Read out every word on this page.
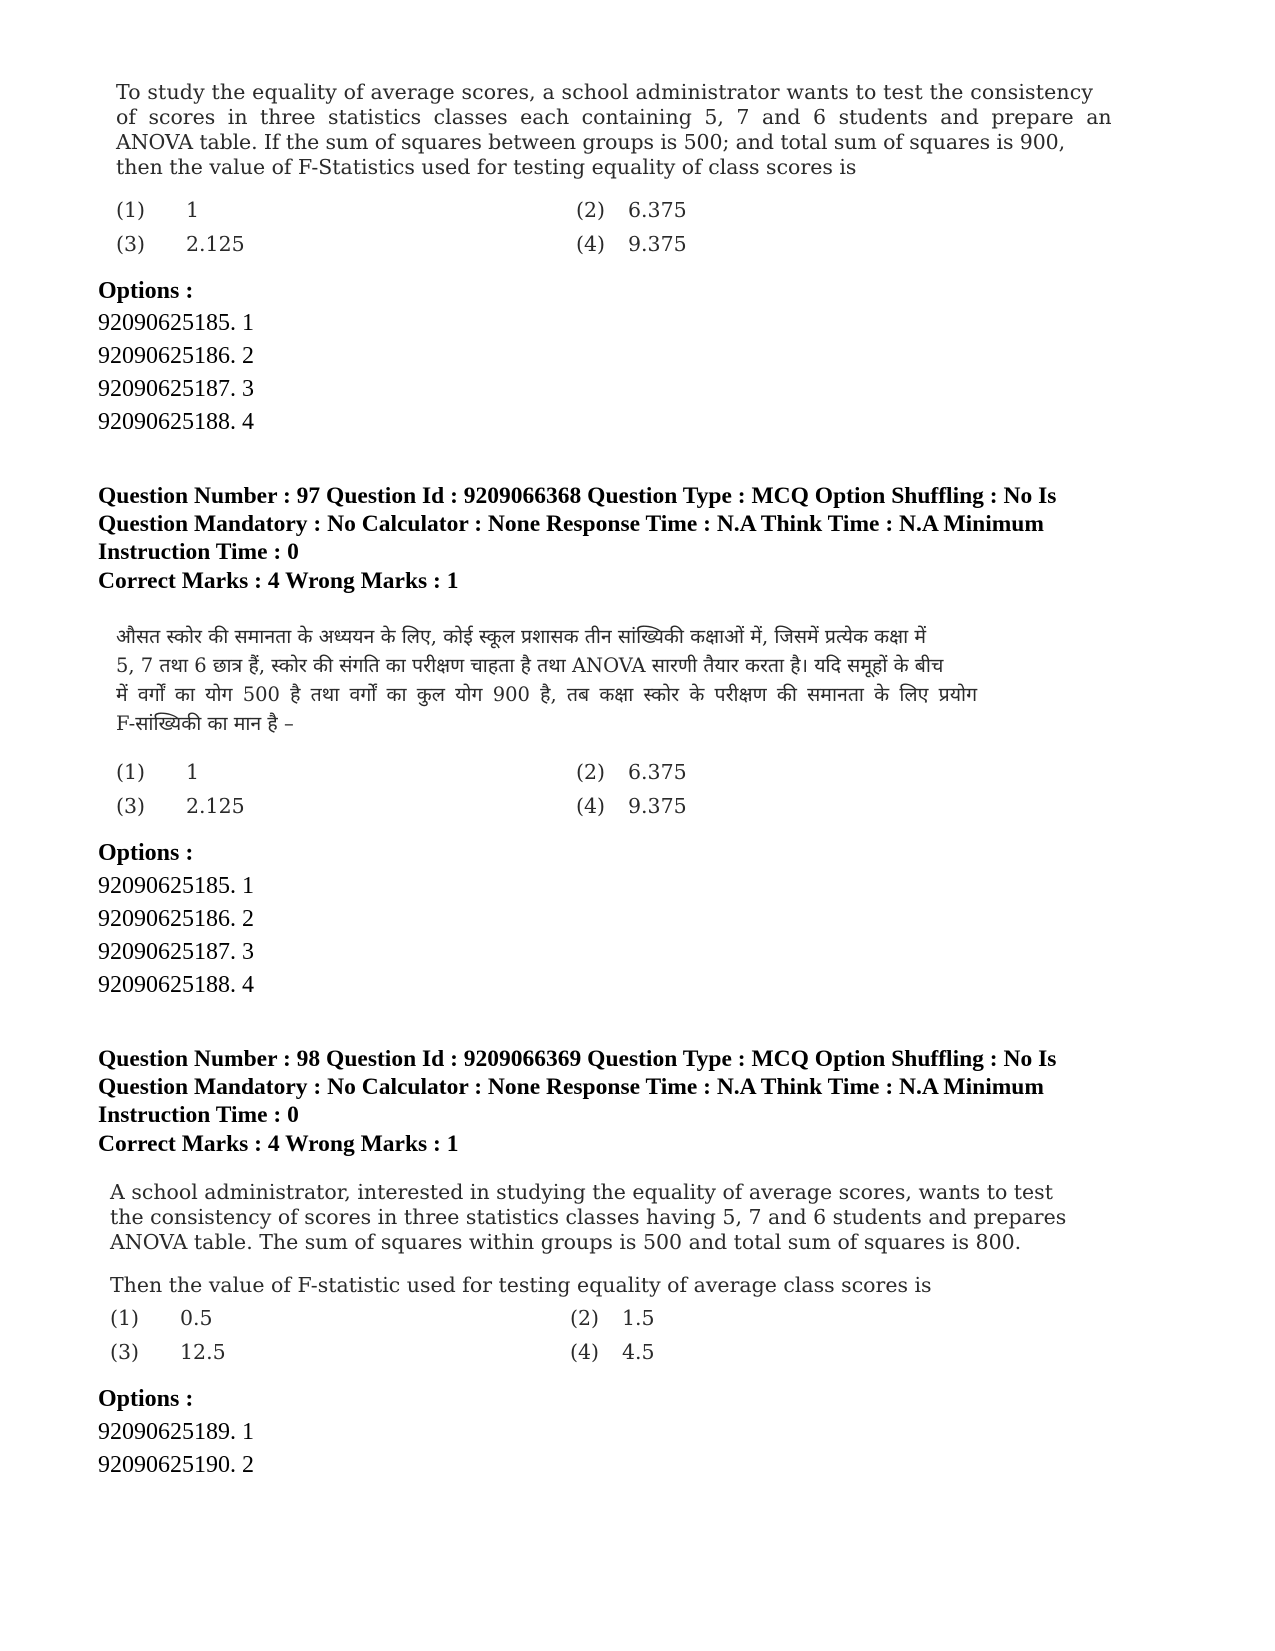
To study the equality of average scores, a school administrator wants to test the consistency
of scores in three statistics classes each containing 5, 7 and 6 students and prepare an
ANOVA table. If the sum of squares between groups is 500; and total sum of squares is 900,
then the value of F-Statistics used for testing equality of class scores is
(1) 1	(2) 6.375
(3) 2.125	(4) 9.375
Options :
92090625185. 1
92090625186. 2
92090625187. 3
92090625188. 4
Question Number : 97 Question Id : 9209066368 Question Type : MCQ Option Shuffling : No Is
Question Mandatory : No Calculator : None Response Time : N.A Think Time : N.A Minimum
Instruction Time : 0
Correct Marks : 4 Wrong Marks : 1
औसत स्कोर की समानता के अध्ययन के लिए, कोई स्कूल प्रशासक तीन सांख्यिकी कक्षाओं में, जिसमें प्रत्येक कक्षा में
5, 7 तथा 6 छात्र हैं, स्कोर की संगति का परीक्षण चाहता है तथा ANOVA सारणी तैयार करता है। यदि समूहों के बीच
में वर्गों का योग 500 है तथा वर्गों का कुल योग 900 है, तब कक्षा स्कोर के परीक्षण की समानता के लिए प्रयोग
F-सांख्यिकी का मान है –
(1) 1	(2) 6.375
(3) 2.125	(4) 9.375
Options :
92090625185. 1
92090625186. 2
92090625187. 3
92090625188. 4
Question Number : 98 Question Id : 9209066369 Question Type : MCQ Option Shuffling : No Is
Question Mandatory : No Calculator : None Response Time : N.A Think Time : N.A Minimum
Instruction Time : 0
Correct Marks : 4 Wrong Marks : 1
A school administrator, interested in studying the equality of average scores, wants to test
the consistency of scores in three statistics classes having 5, 7 and 6 students and prepares
ANOVA table. The sum of squares within groups is 500 and total sum of squares is 800.
Then the value of F-statistic used for testing equality of average class scores is
(1) 0.5	(2) 1.5
(3) 12.5	(4) 4.5
Options :
92090625189. 1
92090625190. 2
